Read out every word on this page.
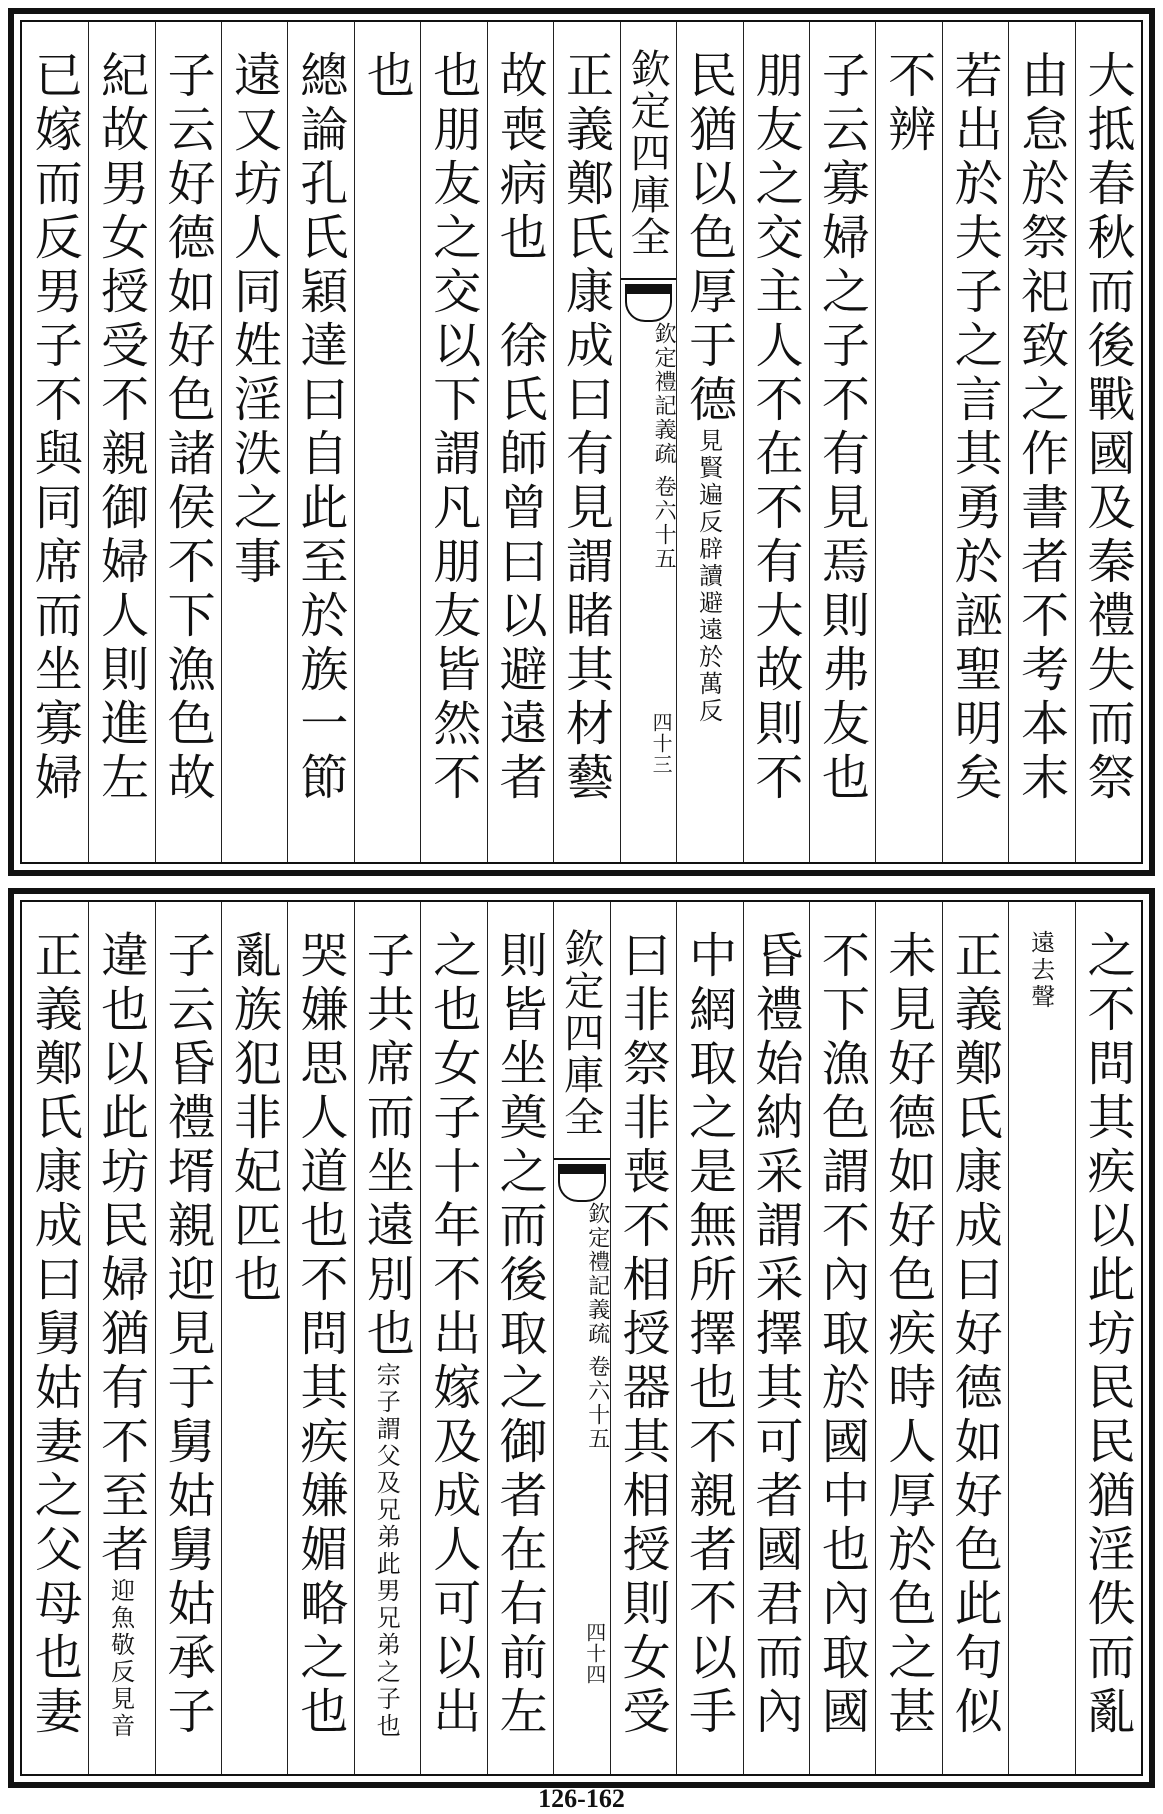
大抵春秋而後戰國及秦禮失而祭
由怠於祭祀致之作書者不考本末
若出於夫子之言其勇於誣聖明矣
不辨
子云寡婦之子不有見焉則弗友也
朋友之交主人不在不有大故則不
民猶以色厚于德見賢遍反辟讀避遠於萬反
欽定四庫全
欽定禮記義疏 卷六十五
四十三
正義鄭氏康成曰有見謂睹其材藝
故喪病也　徐氏師曾曰以避遠者
也朋友之交以下謂凡朋友皆然不
也
總論孔氏穎達曰自此至於族一節
遠又坊人同姓淫泆之事
子云好德如好色諸侯不下漁色故
紀故男女授受不親御婦人則進左
已嫁而反男子不與同席而坐寡婦
之不問其疾以此坊民民猶淫佚而亂
遠去聲
正義鄭氏康成曰好德如好色此句似
未見好德如好色疾時人厚於色之甚
不下漁色謂不內取於國中也內取國
昏禮始納采謂采擇其可者國君而內
中網取之是無所擇也不親者不以手
曰非祭非喪不相授器其相授則女受
欽定四庫全
欽定禮記義疏 卷六十五
四十四
則皆坐奠之而後取之御者在右前左
之也女子十年不出嫁及成人可以出
子共席而坐遠別也宗子謂父及兄弟此男兄弟之子也
哭嫌思人道也不問其疾嫌媚略之也
亂族犯非妃匹也
子云昏禮壻親迎見于舅姑舅姑承子
違也以此坊民婦猶有不至者迎魚敬反見音
正義鄭氏康成曰舅姑妻之父母也妻
126-162
